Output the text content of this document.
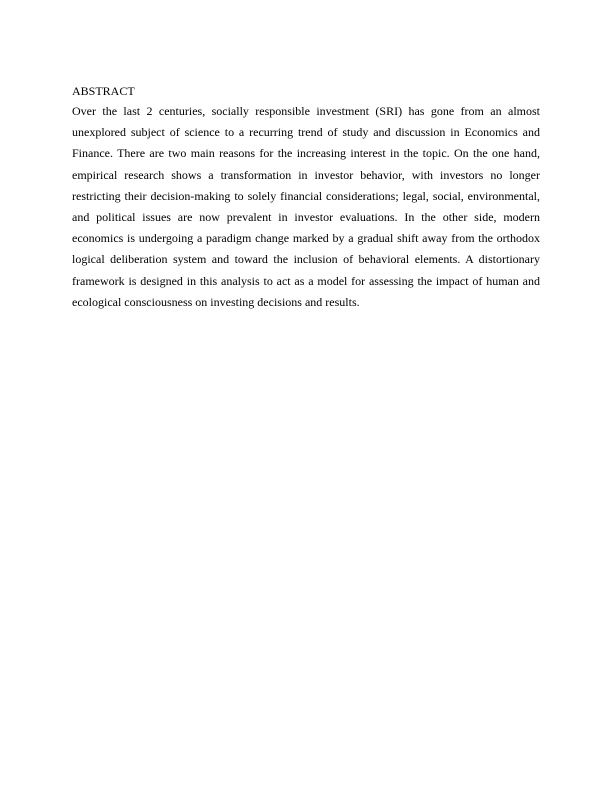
ABSTRACT

Over the last 2 centuries, socially responsible investment (SRI) has gone from an almost unexplored subject of science to a recurring trend of study and discussion in Economics and Finance. There are two main reasons for the increasing interest in the topic. On the one hand, empirical research shows a transformation in investor behavior, with investors no longer restricting their decision-making to solely financial considerations; legal, social, environmental, and political issues are now prevalent in investor evaluations. In the other side, modern economics is undergoing a paradigm change marked by a gradual shift away from the orthodox logical deliberation system and toward the inclusion of behavioral elements. A distortionary framework is designed in this analysis to act as a model for assessing the impact of human and ecological consciousness on investing decisions and results.
